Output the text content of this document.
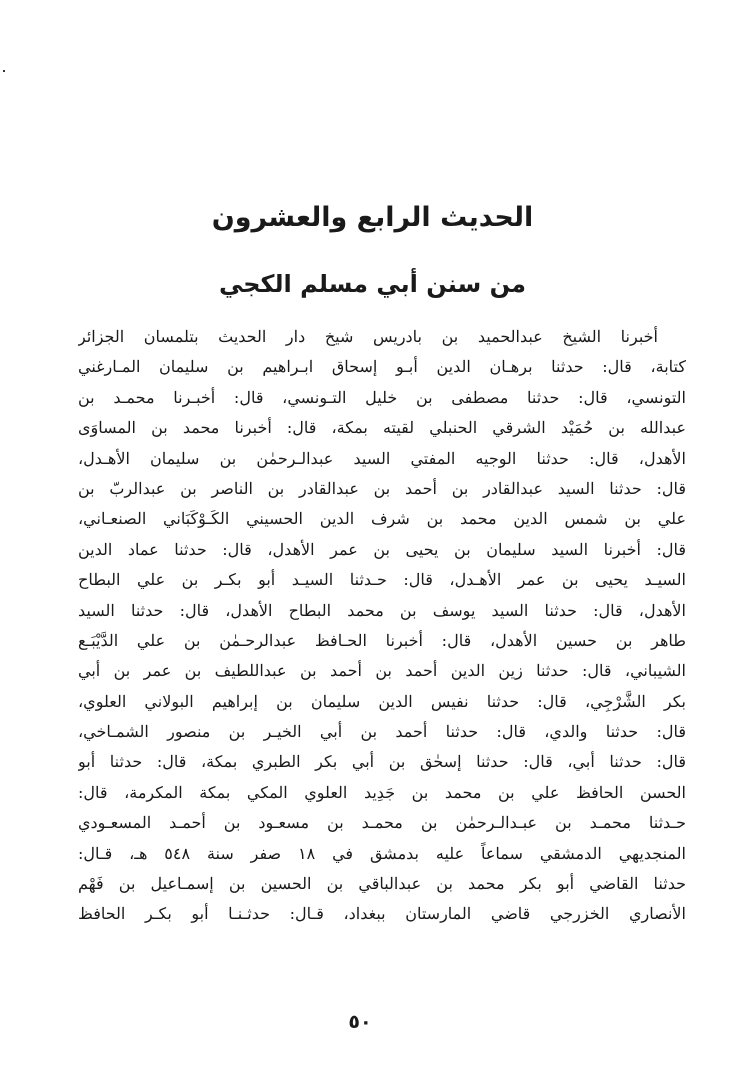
الحديث الرابع والعشرون
من سنن أبي مسلم الكجي
أخبرنا الشيخ عبدالحميد بن بادريس شيخ دار الحديث بتلمسان الجزائر
كتابة، قال: حدثنا برهـان الدين أبـو إسحاق ابـراهيم بن سليمان المـارغني
التونسي، قال: حدثنا مصطفى بن خليل التـونسي، قال: أخبـرنا محمـد بن
عبدالله بن حُمَيْد الشرقي الحنبلي لقيته بمكة، قال: أخبرنا محمد بن المساوَى
الأهدل، قال: حدثنا الوجيه المفتي السيد عبدالـرحمٰن بن سليمان الأهـدل،
قال: حدثنا السيد عبدالقادر بن أحمد بن عبدالقادر بن الناصر بن عبدالربّ بن
علي بن شمس الدين محمد بن شرف الدين الحسيني الكَـوْكَبَاني الصنعـاني،
قال: أخبرنا السيد سليمان بن يحيى بن عمر الأهدل، قال: حدثنا عماد الدين
السيـد يحيى بن عمر الأهـدل، قال: حـدثنا السيـد أبو بكـر بن علي البطاح
الأهدل، قال: حدثنا السيد يوسف بن محمد البطاح الأهدل، قال: حدثنا السيد
طاهر بن حسين الأهدل، قال: أخبرنا الحـافظ عبدالرحـمٰن بن علي الدَّيْبَـع
الشيباني، قال: حدثنا زين الدين أحمد بن أحمد بن عبداللطيف بن عمر بن أبي
بكر الشَّرْجِي، قال: حدثنا نفيس الدين سليمان بن إبراهيم البولاني العلوي،
قال: حدثنا والدي، قال: حدثنا أحمد بن أبي الخيـر بن منصور الشمـاخي،
قال: حدثنا أبي، قال: حدثنا إسحٰق بن أبي بكر الطبري بمكة، قال: حدثنا أبو
الحسن الحافظ علي بن محمد بن جَدِيد العلوي المكي بمكة المكرمة، قال:
حـدثنا محمـد بن عبـدالـرحمٰن بن محمـد بن مسعـود بن أحمـد المسعـودي
المنجديهي الدمشقي سماعاً عليه بدمشق في ١٨ صفر سنة ٥٤٨ هـ، قـال:
حدثنا القاضي أبو بكر محمد بن عبدالباقي بن الحسين بن إسمـاعيل بن فَهْم
الأنصاري الخزرجي قاضي المارستان ببغداد، قـال: حدثـنـا أبو بكـر الحافظ
٥٠
